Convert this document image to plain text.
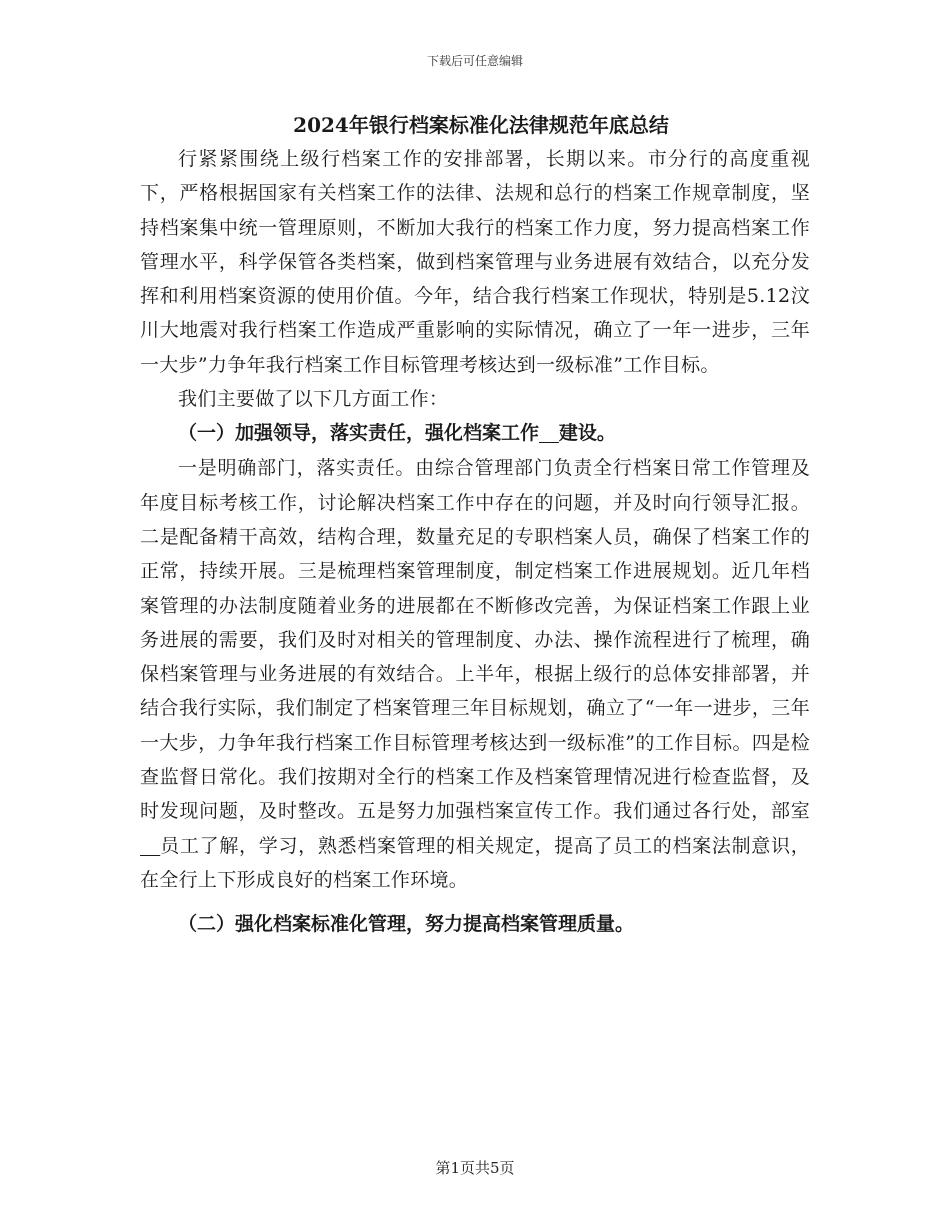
下载后可任意编辑
2024年银行档案标准化法律规范年底总结

行紧紧围绕上级行档案工作的安排部署，长期以来。市分行的高度重视下，严格根据国家有关档案工作的法律、法规和总行的档案工作规章制度，坚持档案集中统一管理原则，不断加大我行的档案工作力度，努力提高档案工作管理水平，科学保管各类档案，做到档案管理与业务进展有效结合，以充分发挥和利用档案资源的使用价值。今年，结合我行档案工作现状，特别是5.12汶川大地震对我行档案工作造成严重影响的实际情况，确立了一年一进步，三年一大步”力争年我行档案工作目标管理考核达到一级标准”工作目标。

我们主要做了以下几方面工作：

（一）加强领导，落实责任，强化档案工作 建设。

一是明确部门，落实责任。由综合管理部门负责全行档案日常工作管理及年度目标考核工作，讨论解决档案工作中存在的问题，并及时向行领导汇报。二是配备精干高效，结构合理，数量充足的专职档案人员，确保了档案工作的正常，持续开展。三是梳理档案管理制度，制定档案工作进展规划。近几年档案管理的办法制度随着业务的进展都在不断修改完善，为保证档案工作跟上业务进展的需要，我们及时对相关的管理制度、办法、操作流程进行了梳理，确保档案管理与业务进展的有效结合。上半年，根据上级行的总体安排部署，并结合我行实际，我们制定了档案管理三年目标规划，确立了“一年一进步，三年一大步，力争年我行档案工作目标管理考核达到一级标准”的工作目标。四是检查监督日常化。我们按期对全行的档案工作及档案管理情况进行检查监督，及时发现问题，及时整改。五是努力加强档案宣传工作。我们通过各行处，部室   员工了解，学习，熟悉档案管理的相关规定，提高了员工的档案法制意识，在全行上下形成良好的档案工作环境。

（二）强化档案标准化管理，努力提高档案管理质量。

第1页共5页
